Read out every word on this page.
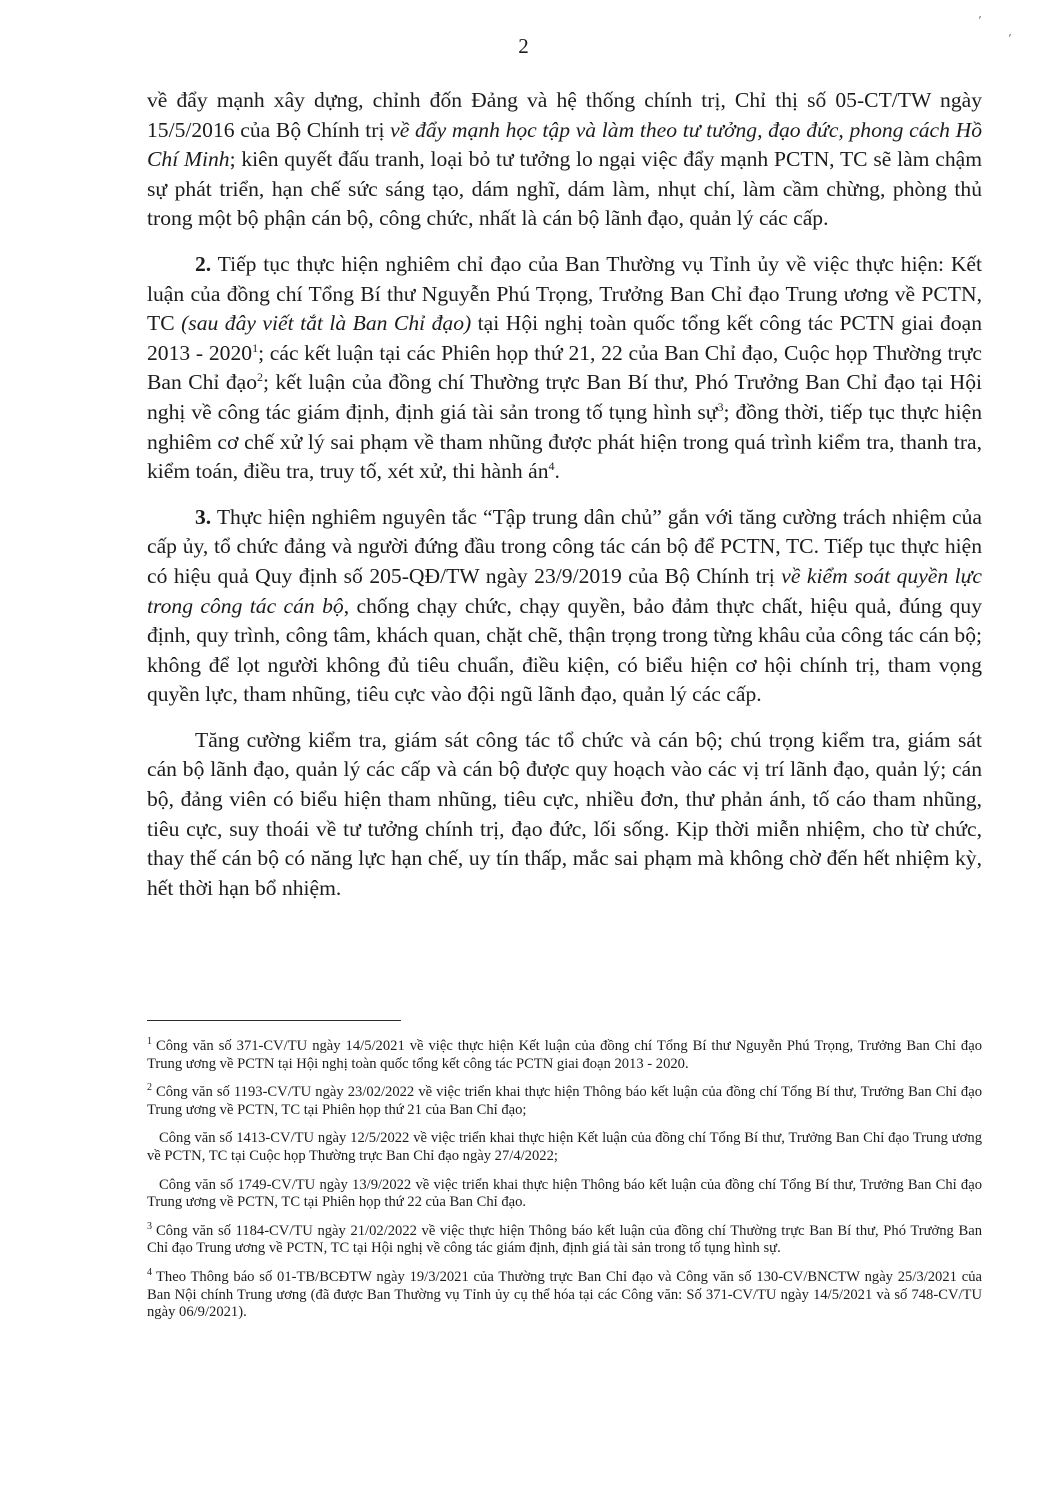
2
’
’

về đẩy mạnh xây dựng, chỉnh đốn Đảng và hệ thống chính trị, Chỉ thị số 05-CT/TW ngày 15/5/2016 của Bộ Chính trị về đẩy mạnh học tập và làm theo tư tưởng, đạo đức, phong cách Hồ Chí Minh; kiên quyết đấu tranh, loại bỏ tư tưởng lo ngại việc đẩy mạnh PCTN, TC sẽ làm chậm sự phát triển, hạn chế sức sáng tạo, dám nghĩ, dám làm, nhụt chí, làm cầm chừng, phòng thủ trong một bộ phận cán bộ, công chức, nhất là cán bộ lãnh đạo, quản lý các cấp.

2. Tiếp tục thực hiện nghiêm chỉ đạo của Ban Thường vụ Tỉnh ủy về việc thực hiện: Kết luận của đồng chí Tổng Bí thư Nguyễn Phú Trọng, Trưởng Ban Chỉ đạo Trung ương về PCTN, TC (sau đây viết tắt là Ban Chỉ đạo) tại Hội nghị toàn quốc tổng kết công tác PCTN giai đoạn 2013 - 2020$^1$; các kết luận tại các Phiên họp thứ 21, 22 của Ban Chỉ đạo, Cuộc họp Thường trực Ban Chỉ đạo$^2$; kết luận của đồng chí Thường trực Ban Bí thư, Phó Trưởng Ban Chỉ đạo tại Hội nghị về công tác giám định, định giá tài sản trong tố tụng hình sự$^3$; đồng thời, tiếp tục thực hiện nghiêm cơ chế xử lý sai phạm về tham nhũng được phát hiện trong quá trình kiểm tra, thanh tra, kiểm toán, điều tra, truy tố, xét xử, thi hành $án^4$.

3. Thực hiện nghiêm nguyên tắc “Tập trung dân chủ” gắn với tăng cường trách nhiệm của cấp ủy, tổ chức đảng và người đứng đầu trong công tác cán bộ để PCTN, TC. Tiếp tục thực hiện có hiệu quả Quy định số 205-QĐ/TW ngày 23/9/2019 của Bộ Chính trị về kiểm soát quyền lực trong công tác cán bộ, chống chạy chức, chạy quyền, bảo đảm thực chất, hiệu quả, đúng quy định, quy trình, công tâm, khách quan, chặt chẽ, thận trọng trong từng khâu của công tác cán bộ; không để lọt người không đủ tiêu chuẩn, điều kiện, có biểu hiện cơ hội chính trị, tham vọng quyền lực, tham nhũng, tiêu cực vào đội ngũ lãnh đạo, quản lý các cấp.

Tăng cường kiểm tra, giám sát công tác tổ chức và cán bộ; chú trọng kiểm tra, giám sát cán bộ lãnh đạo, quản lý các cấp và cán bộ được quy hoạch vào các vị trí lãnh đạo, quản lý; cán bộ, đảng viên có biểu hiện tham nhũng, tiêu cực, nhiều đơn, thư phản ánh, tố cáo tham nhũng, tiêu cực, suy thoái về tư tưởng chính trị, đạo đức, lối sống. Kịp thời miễn nhiệm, cho từ chức, thay thế cán bộ có năng lực hạn chế, uy tín thấp, mắc sai phạm mà không chờ đến hết nhiệm kỳ, hết thời hạn bổ nhiệm.

$^1$ Công văn số 371-CV/TU ngày 14/5/2021 về việc thực hiện Kết luận của đồng chí Tổng Bí thư Nguyễn Phú Trọng, Trưởng Ban Chỉ đạo Trung ương về PCTN tại Hội nghị toàn quốc tổng kết công tác PCTN giai đoạn 2013 - 2020.

$^2$ Công văn số 1193-CV/TU ngày 23/02/2022 về việc triển khai thực hiện Thông báo kết luận của đồng chí Tổng Bí thư, Trưởng Ban Chỉ đạo Trung ương về PCTN, TC tại Phiên họp thứ 21 của Ban Chỉ đạo;

Công văn số 1413-CV/TU ngày 12/5/2022 về việc triển khai thực hiện Kết luận của đồng chí Tổng Bí thư, Trưởng Ban Chỉ đạo Trung ương về PCTN, TC tại Cuộc họp Thường trực Ban Chỉ đạo ngày 27/4/2022;

Công văn số 1749-CV/TU ngày 13/9/2022 về việc triển khai thực hiện Thông báo kết luận của đồng chí Tổng Bí thư, Trưởng Ban Chỉ đạo Trung ương về PCTN, TC tại Phiên họp thứ 22 của Ban Chỉ đạo.

$^3$ Công văn số 1184-CV/TU ngày 21/02/2022 về việc thực hiện Thông báo kết luận của đồng chí Thường trực Ban Bí thư, Phó Trưởng Ban Chỉ đạo Trung ương về PCTN, TC tại Hội nghị về công tác giám định, định giá tài sản trong tố tụng hình sự.

$^4$ Theo Thông báo số 01-TB/BCĐTW ngày 19/3/2021 của Thường trực Ban Chỉ đạo và Công văn số 130-CV/BNCTW ngày 25/3/2021 của Ban Nội chính Trung ương (đã được Ban Thường vụ Tỉnh ủy cụ thể hóa tại các Công văn: Số 371-CV/TU ngày 14/5/2021 và số 748-CV/TU ngày 06/9/2021).
